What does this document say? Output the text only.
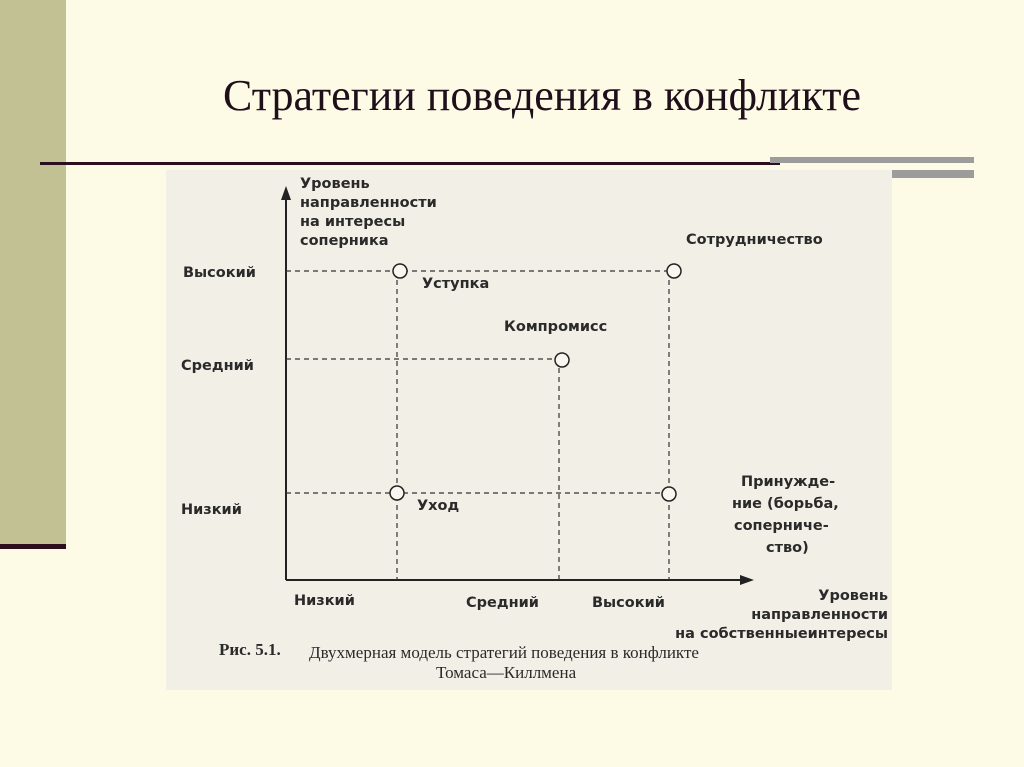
Стратегии поведения в конфликте
Уровень
направленности
на интересы
соперника
Высокий
Средний
Низкий
Низкий	Средний	Высокий	Уровень
направленности
на собственныеинтересы
Сотрудничество
Уступка
Компромисс
Уход
Принужде-
ние (борьба,
соперниче-
ство)
Рис. 5.1. Двухмерная модель стратегий поведения в конфликте
Томаса—Киллмена
